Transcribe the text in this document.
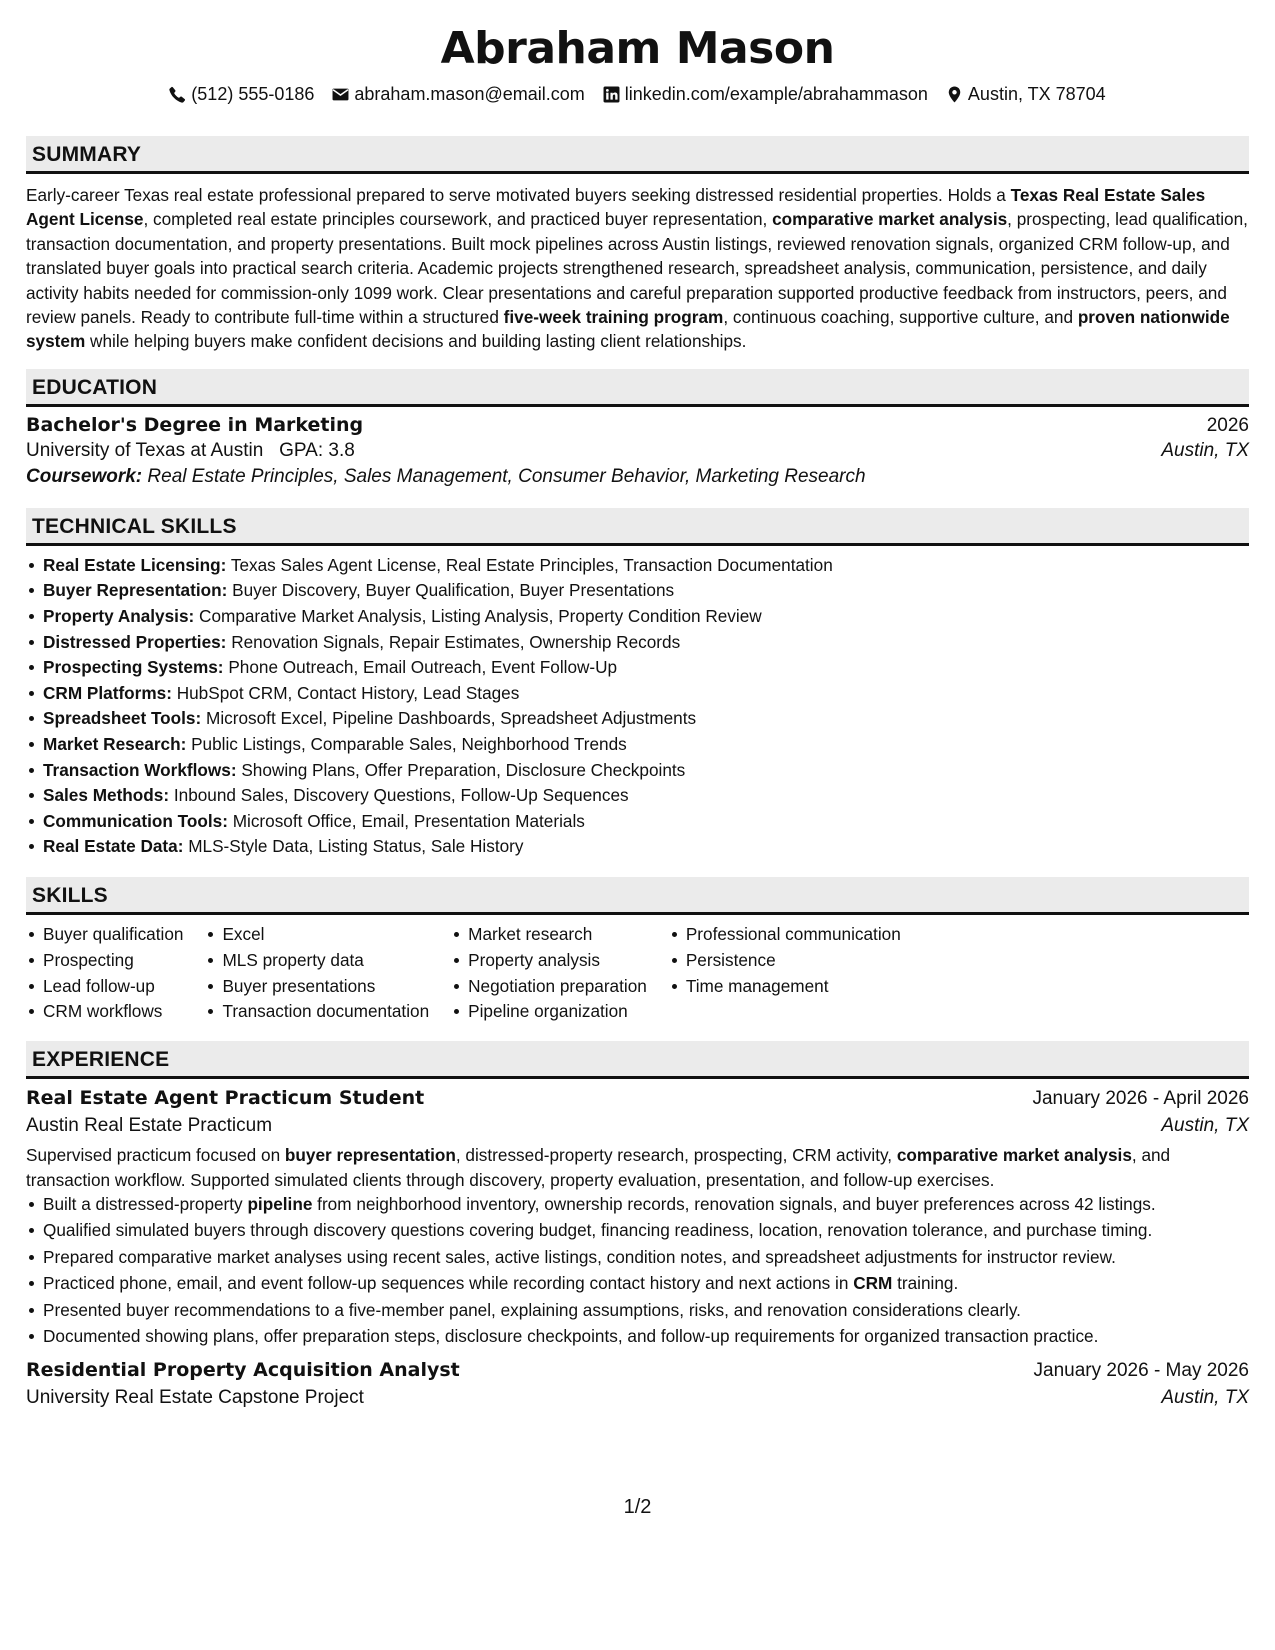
Abraham Mason
(512) 555-0186 abraham.mason@email.com linkedin.com/example/abrahammason Austin, TX 78704
SUMMARY

Early-career Texas real estate professional prepared to serve motivated buyers seeking distressed residential properties. Holds a Texas Real Estate Sales Agent License, completed real estate principles coursework, and practiced buyer representation, comparative market analysis, prospecting, lead qualification, transaction documentation, and property presentations. Built mock pipelines across Austin listings, reviewed renovation signals, organized CRM follow-up, and translated buyer goals into practical search criteria. Academic projects strengthened research, spreadsheet analysis, communication, persistence, and daily activity habits needed for commission-only 1099 work. Clear presentations and careful preparation supported productive feedback from instructors, peers, and review panels. Ready to contribute full-time within a structured five-week training program, continuous coaching, supportive culture, and proven nationwide system while helping buyers make confident decisions and building lasting client relationships.

EDUCATION
Bachelor's Degree in Marketing	2026
University of Texas at Austin GPA: 3.8	Austin, TX
Coursework: Real Estate Principles, Sales Management, Consumer Behavior, Marketing Research
TECHNICAL SKILLS
Real Estate Licensing: Texas Sales Agent License, Real Estate Principles, Transaction Documentation
Buyer Representation: Buyer Discovery, Buyer Qualification, Buyer Presentations
Property Analysis: Comparative Market Analysis, Listing Analysis, Property Condition Review
Distressed Properties: Renovation Signals, Repair Estimates, Ownership Records
Prospecting Systems: Phone Outreach, Email Outreach, Event Follow-Up
CRM Platforms: HubSpot CRM, Contact History, Lead Stages
Spreadsheet Tools: Microsoft Excel, Pipeline Dashboards, Spreadsheet Adjustments
Market Research: Public Listings, Comparable Sales, Neighborhood Trends
Transaction Workflows: Showing Plans, Offer Preparation, Disclosure Checkpoints
Sales Methods: Inbound Sales, Discovery Questions, Follow-Up Sequences
Communication Tools: Microsoft Office, Email, Presentation Materials
Real Estate Data: MLS-Style Data, Listing Status, Sale History
SKILLS
Buyer qualification
Prospecting
Lead follow-up
CRM workflows
Excel
MLS property data
Buyer presentations
Transaction documentation
Market research
Property analysis
Negotiation preparation
Pipeline organization
Professional communication
Persistence
Time management
EXPERIENCE
Real Estate Agent Practicum Student	January 2026 - April 2026
Austin Real Estate Practicum	Austin, TX

Supervised practicum focused on buyer representation, distressed-property research, prospecting, CRM activity, comparative market analysis, and transaction workflow. Supported simulated clients through discovery, property evaluation, presentation, and follow-up exercises.

Built a distressed-property pipeline from neighborhood inventory, ownership records, renovation signals, and buyer preferences across 42 listings.
Qualified simulated buyers through discovery questions covering budget, financing readiness, location, renovation tolerance, and purchase timing.
Prepared comparative market analyses using recent sales, active listings, condition notes, and spreadsheet adjustments for instructor review.
Practiced phone, email, and event follow-up sequences while recording contact history and next actions in CRM training.
Presented buyer recommendations to a five-member panel, explaining assumptions, risks, and renovation considerations clearly.
Documented showing plans, offer preparation steps, disclosure checkpoints, and follow-up requirements for organized transaction practice.
Residential Property Acquisition Analyst	January 2026 - May 2026
University Real Estate Capstone Project	Austin, TX
1/2
